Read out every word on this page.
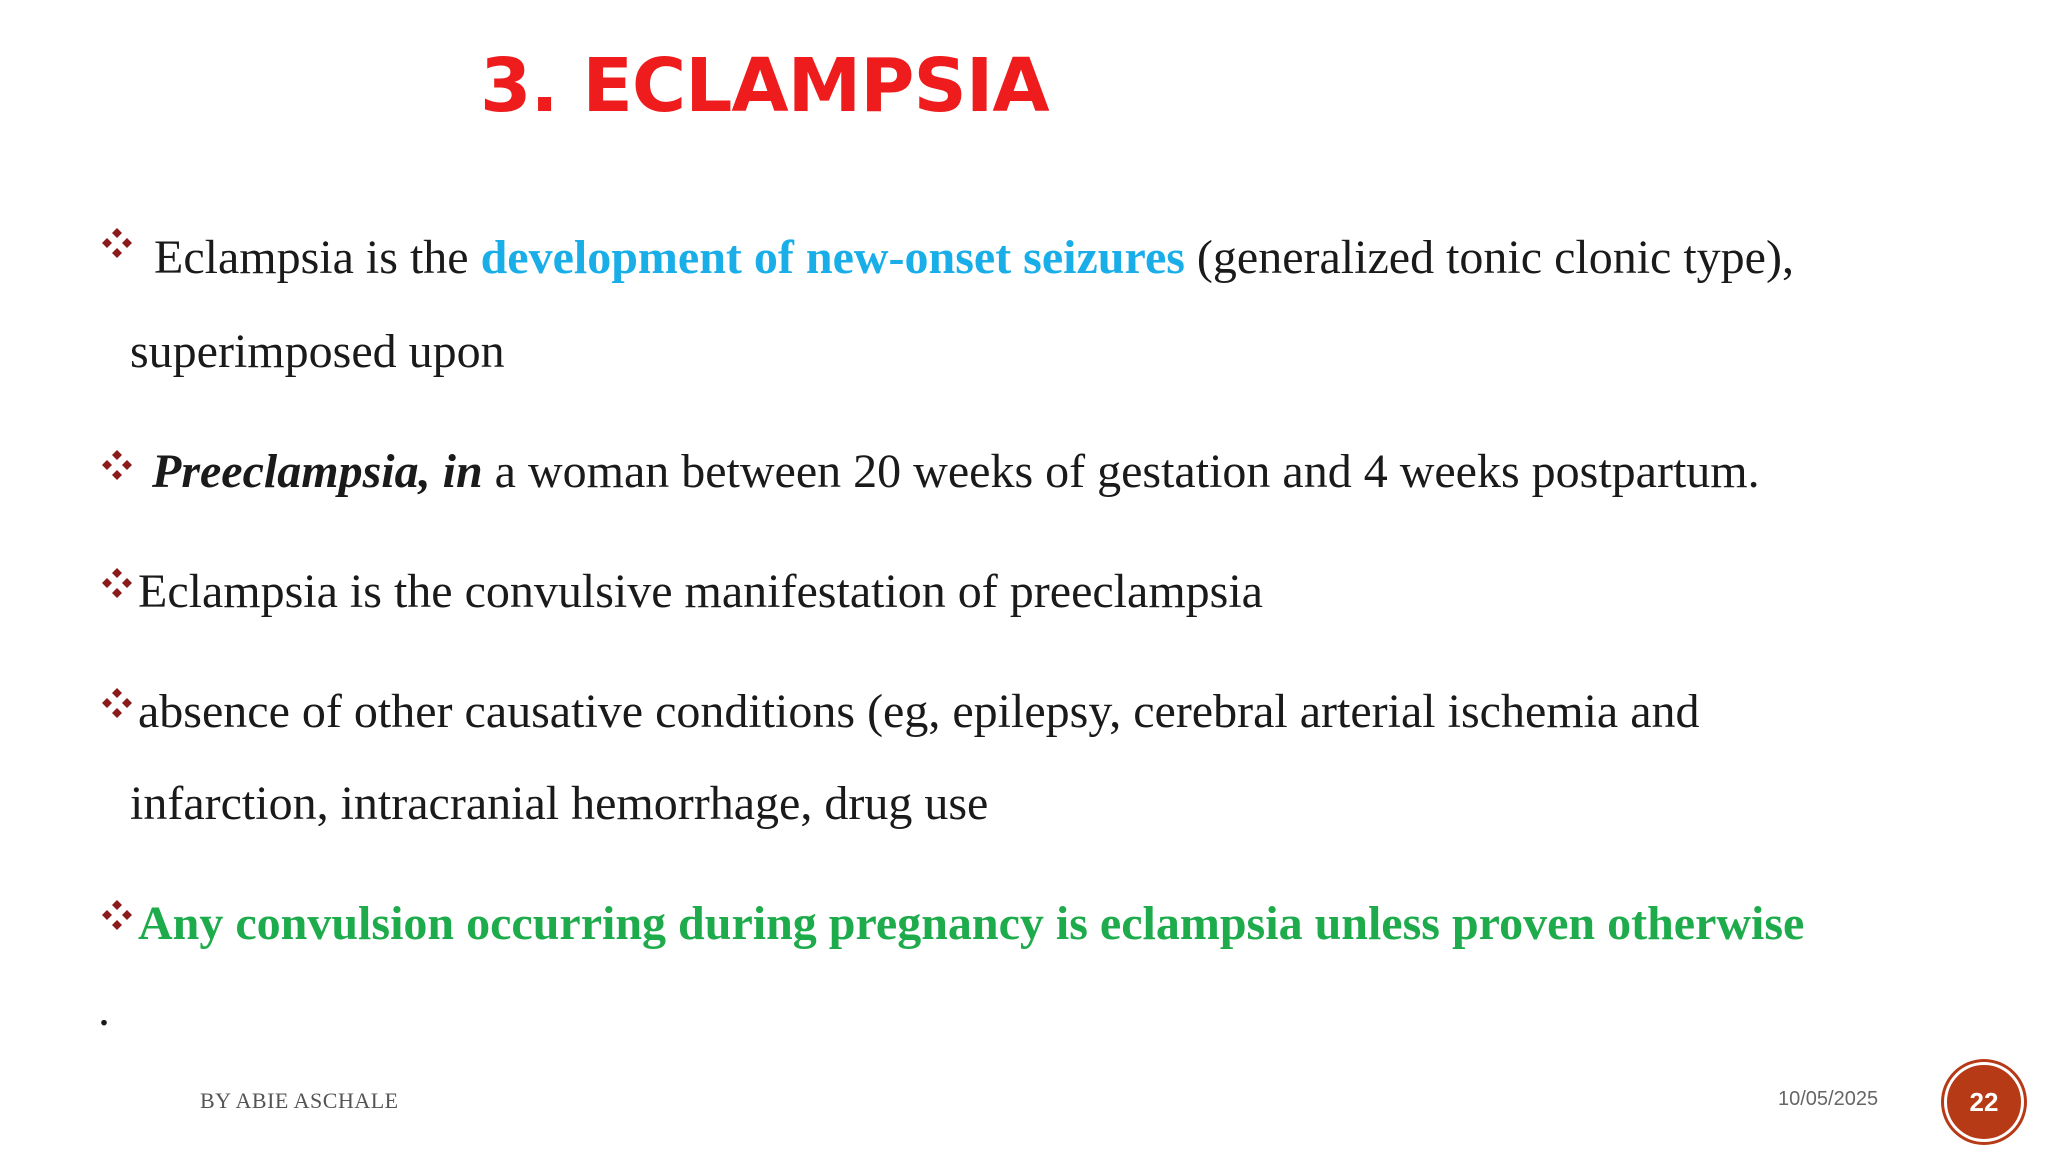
3. ECLAMPSIA
Eclampsia is the development of new-onset seizures (generalized tonic clonic type),
superimposed upon
Preeclampsia, in a woman between 20 weeks of gestation and 4 weeks postpartum.
Eclampsia is the convulsive manifestation of preeclampsia
absence of other causative conditions (eg, epilepsy, cerebral arterial ischemia and
infarction, intracranial hemorrhage, drug use
Any convulsion occurring during pregnancy is eclampsia unless proven otherwise
.
BY ABIE ASCHALE	10/05/2025	22
